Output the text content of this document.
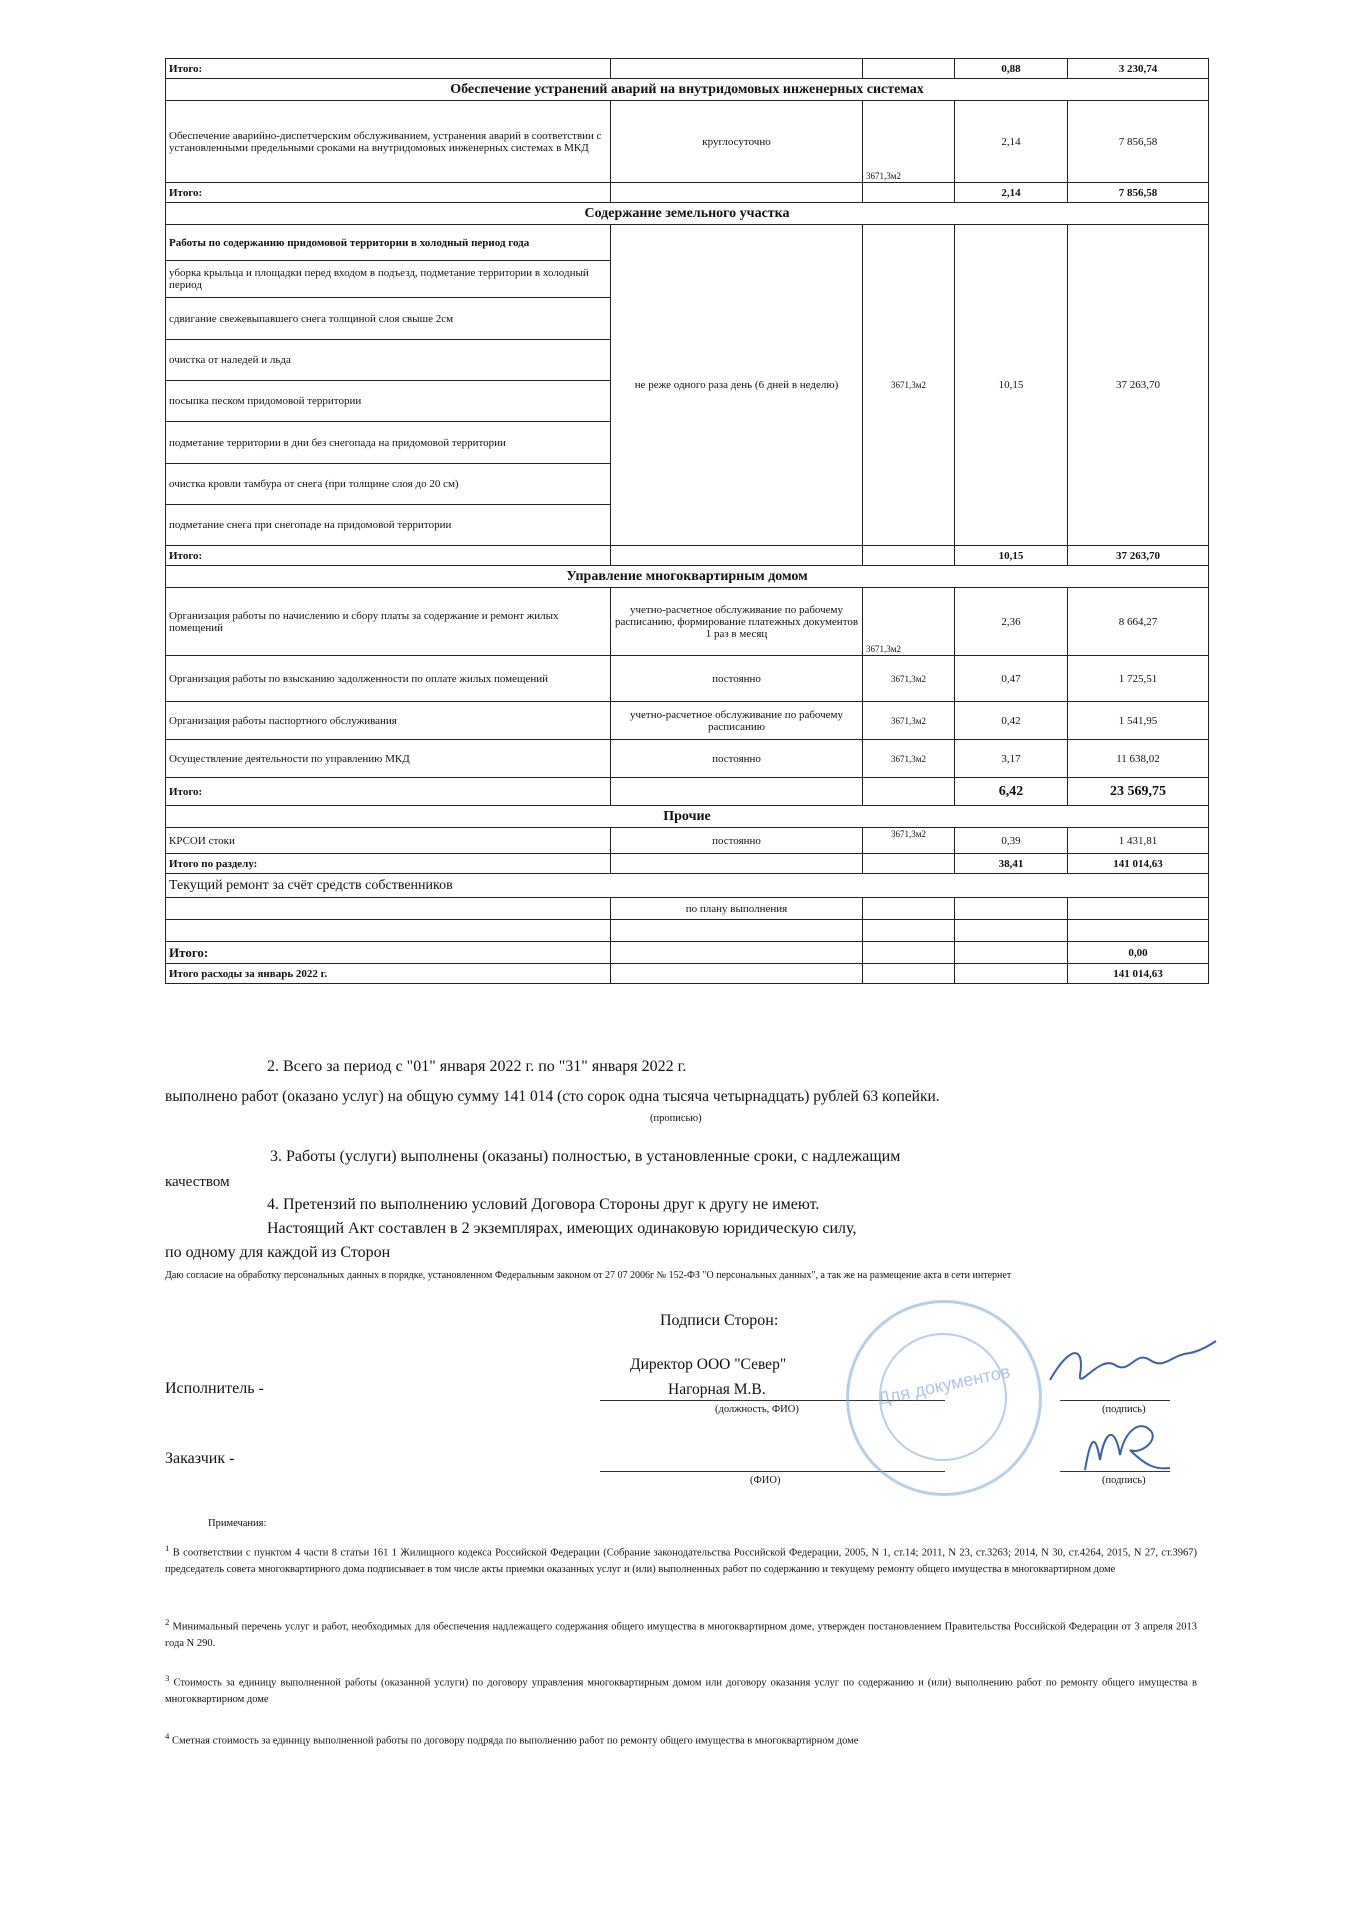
Итого:			0,88	3 230,74
Обеспечение устранений аварий на внутридомовых инженерных системах				
Обеспечение аварийно-диспетчерским обслуживанием, устранения аварий в соответствии с установленными предельными сроками на внутридомовых инженерных системах в МКД	круглосуточно	3671,3м2	2,14	7 856,58
Итого:			2,14	7 856,58
Содержание земельного участка				
Работы по содержанию придомовой территории в холодный период года	не реже одного раза день (6 дней в неделю)	3671,3м2	10,15	37 263,70
уборка крыльца и площадки перед входом в подъезд, подметание территории в холодный период				
сдвигание свежевыпавшего снега толщиной слоя свыше 2см				
очистка от наледей и льда				
посыпка песком придомовой территории				
подметание территории в дни без снегопада на придомовой территории				
очистка кровли тамбура от снега (при толщине слоя до 20 см)				
подметание снега при снегопаде на придомовой территории				
Итого:			10,15	37 263,70
Управление многоквартирным домом				
Организация работы по начислению и сбору платы за содержание и ремонт жилых помещений	учетно-расчетное обслуживание по рабочему расписанию, формирование платежных документов 1 раз в месяц	3671,3м2	2,36	8 664,27
Организация работы по взысканию задолженности по оплате жилых помещений	постоянно	3671,3м2	0,47	1 725,51
Организация работы паспортного обслуживания	учетно-расчетное обслуживание по рабочему расписанию	3671,3м2	0,42	1 541,95
Осуществление деятельности по управлению МКД	постоянно	3671,3м2	3,17	11 638,02
Итого:			6,42	23 569,75
Прочие				
КРСОИ стоки	постоянно	3671,3м2	0,39	1 431,81
Итого по разделу:			38,41	141 014,63
Текущий ремонт за счёт средств собственников				
	по плану выполнения			

Итого:				0,00
Итого расходы за январь 2022 г.				141 014,63
2. Всего за период с "01" января 2022 г. по "31" января 2022 г.
выполнено работ (оказано услуг) на общую сумму 141 014 (сто сорок одна тысяча четырнадцать) рублей 63 копейки.
(прописью)
3. Работы (услуги) выполнены (оказаны) полностью, в установленные сроки, с надлежащим
качеством
4. Претензий по выполнению условий Договора Стороны друг к другу не имеют.
Настоящий Акт составлен в 2 экземплярах, имеющих одинаковую юридическую силу,
по одному для каждой из Сторон
Даю согласие на обработку персональных данных в порядке, установленном Федеральным законом от 27 07 2006г № 152-ФЗ "О персональных данных", а так же на размещение акта в сети интернет
Подписи Сторон:
Директор ООО "Север"
Исполнитель -	Нагорная М.В.
(должность, ФИО)	(подпись)
Заказчик -
(ФИО)	(подпись)
Для документов
Примечания:
$^1$ В соответствии с пунктом 4 части 8 статьи 161 1 Жилищного кодекса Российской Федерации (Собрание законодательства Российской Федерации, 2005, N 1, ст.14; 2011, N 23, ст.3263; 2014, N 30, ст.4264, 2015, N 27, ст.3967) председатель совета многоквартирного дома подписывает в том числе акты приемки оказанных услуг и (или) выполненных работ по содержанию и текущему ремонту общего имущества в многоквартирном доме
$^2$ Минимальный перечень услуг и работ, необходимых для обеспечения надлежащего содержания общего имущества в многоквартирном доме, утвержден постановлением Правительства Российской Федерации от 3 апреля 2013 года N 290.
$^3$ Стоимость за единицу выполненной работы (оказанной услуги) по договору управления многоквартирным домом или договору оказания услуг по содержанию и (или) выполнению работ по ремонту общего имущества в многоквартирном доме
$^4$ Сметная стоимость за единицу выполненной работы по договору подряда по выполнению работ по ремонту общего имущества в многоквартирном доме
